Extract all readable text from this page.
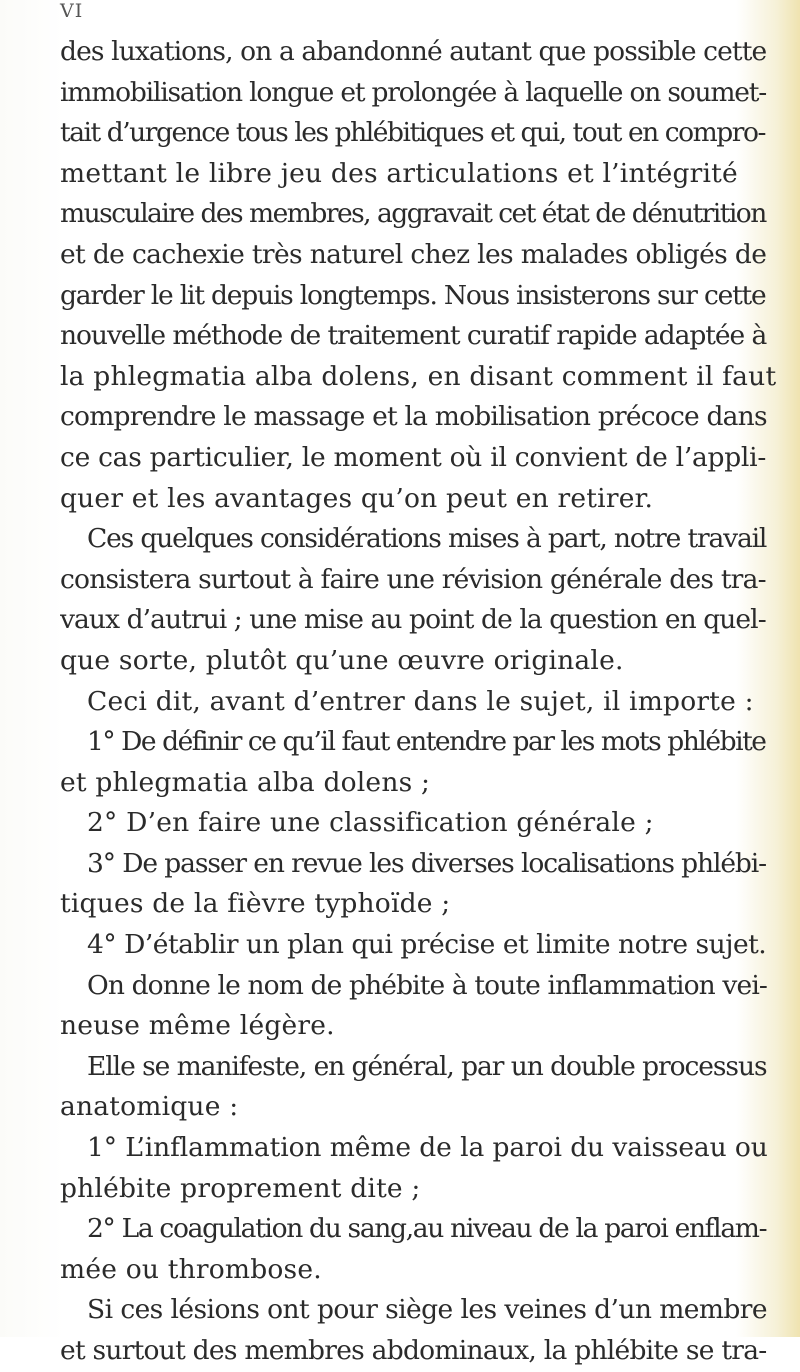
VI
des luxations, on a abandonné autant que possible cette
immobilisation longue et prolongée à laquelle on soumet-
tait d’urgence tous les phlébitiques et qui, tout en compro-
mettant le libre jeu des articulations et l’intégrité
musculaire des membres, aggravait cet état de dénutrition
et de cachexie très naturel chez les malades obligés de
garder le lit depuis longtemps. Nous insisterons sur cette
nouvelle méthode de traitement curatif rapide adaptée à
la phlegmatia alba dolens, en disant comment il faut
comprendre le massage et la mobilisation précoce dans
ce cas particulier, le moment où il convient de l’appli-
quer et les avantages qu’on peut en retirer.
Ces quelques considérations mises à part, notre travail
consistera surtout à faire une révision générale des tra-
vaux d’autrui ; une mise au point de la question en quel-
que sorte, plutôt qu’une œuvre originale.
Ceci dit, avant d’entrer dans le sujet, il importe :
1° De définir ce qu’il faut entendre par les mots phlébite
et phlegmatia alba dolens ;
2° D’en faire une classification générale ;
3° De passer en revue les diverses localisations phlébi-
tiques de la fièvre typhoïde ;
4° D’établir un plan qui précise et limite notre sujet.
On donne le nom de phébite à toute inflammation vei-
neuse même légère.
Elle se manifeste, en général, par un double processus
anatomique :
1° L’inflammation même de la paroi du vaisseau ou
phlébite proprement dite ;
2° La coagulation du sang,au niveau de la paroi enflam-
mée ou thrombose.
Si ces lésions ont pour siège les veines d’un membre
et surtout des membres abdominaux, la phlébite se tra-
